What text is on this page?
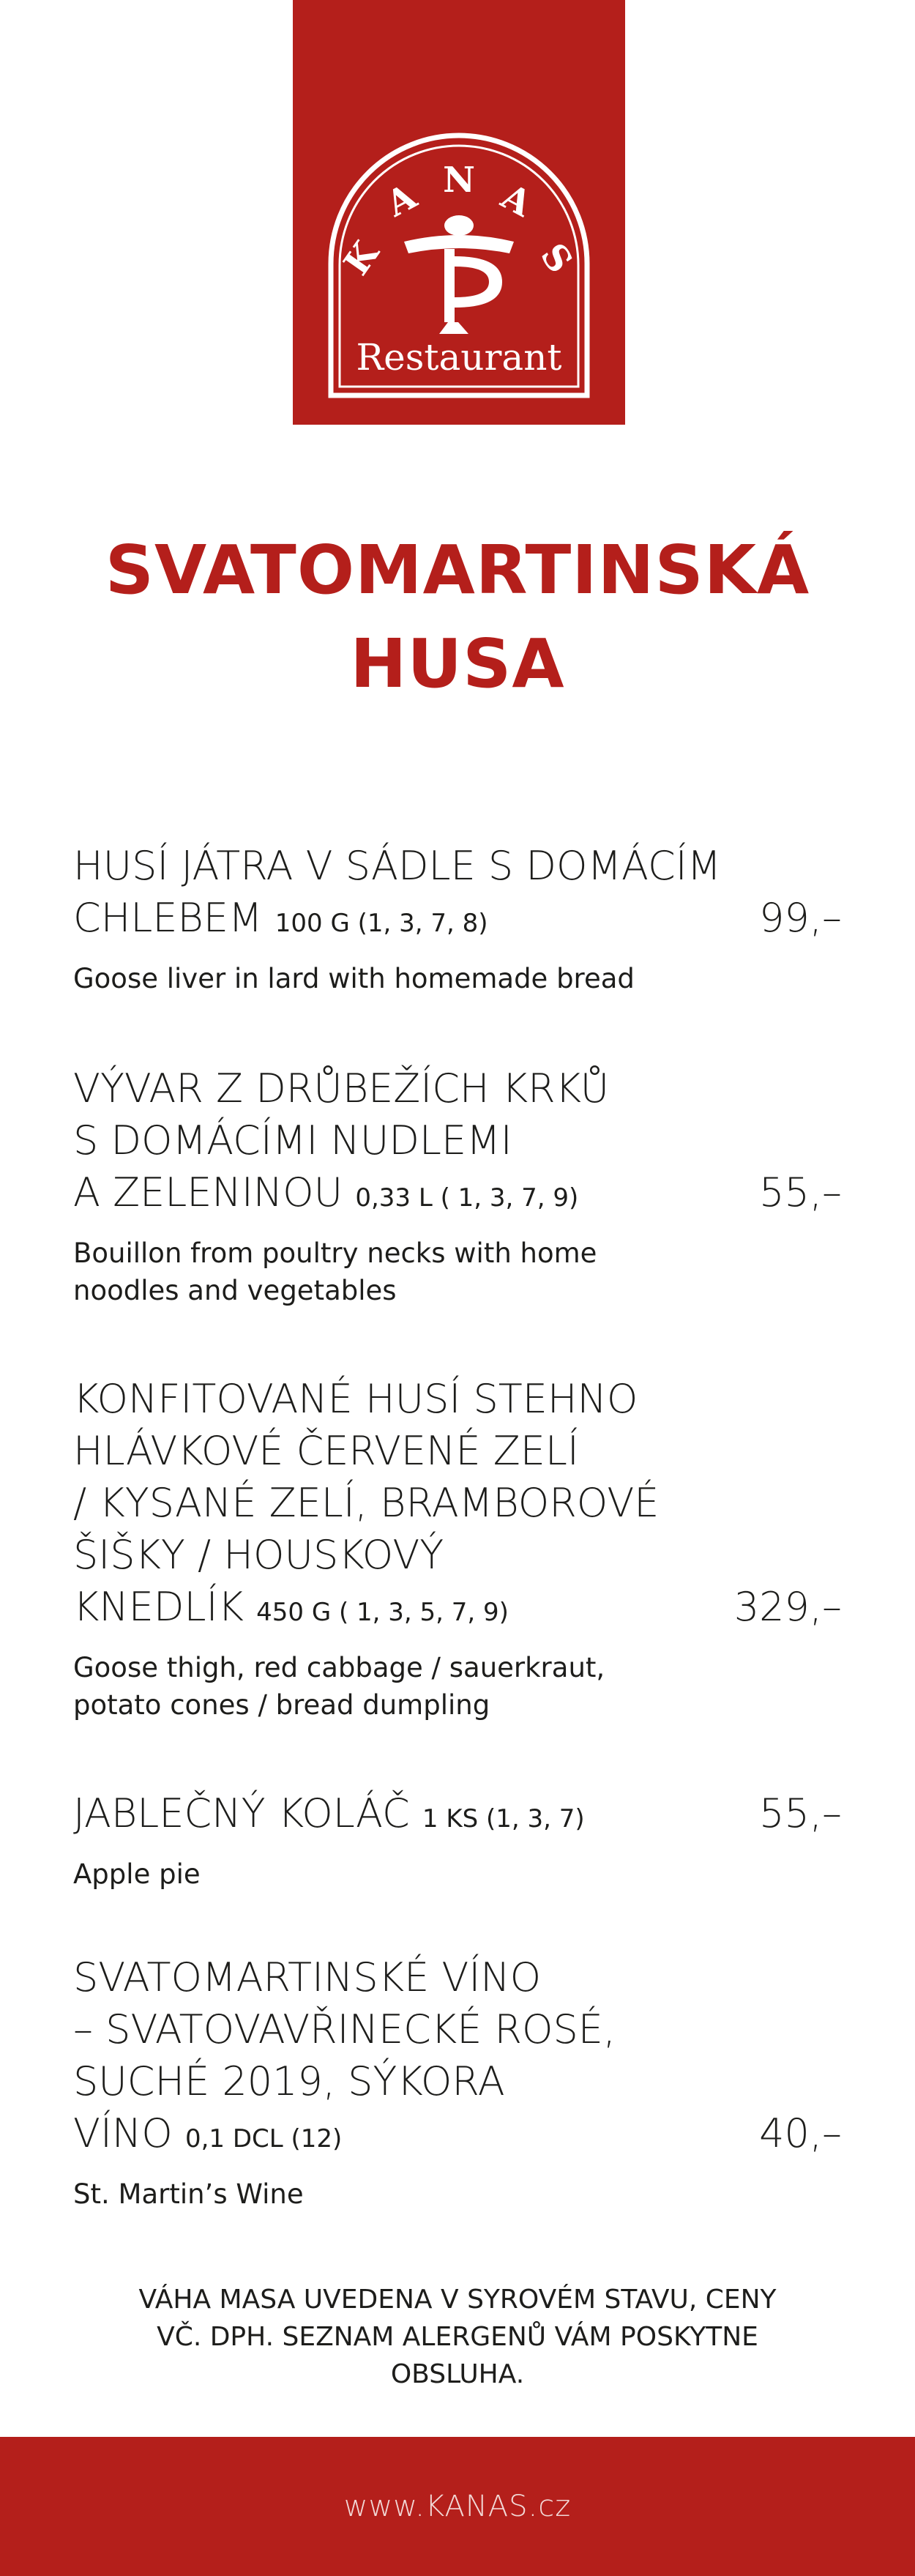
K
A N A
S
Restaurant
SVATOMARTINSKÁ
HUSA

HUSÍ JÁTRA V SÁDLE S DOMÁCÍM
CHLEBEM 100 G (1, 3, 7, 8)	99,–

Goose liver in lard with homemade bread

VÝVAR Z DRŮBEŽÍCH KRKŮ
S DOMÁCÍMI NUDLEMI
A ZELENINOU 0,33 L ( 1, 3, 7, 9)	55,–

Bouillon from poultry necks with home
noodles and vegetables

KONFITOVANÉ HUSÍ STEHNO
HLÁVKOVÉ ČERVENÉ ZELÍ
/ KYSANÉ ZELÍ, BRAMBOROVÉ
ŠIŠKY / HOUSKOVÝ
KNEDLÍK 450 G ( 1, 3, 5, 7, 9)	329,–

Goose thigh, red cabbage / sauerkraut,
potato cones / bread dumpling

JABLEČNÝ KOLÁČ 1 KS (1, 3, 7)	55,–

Apple pie

SVATOMARTINSKÉ VÍNO
– SVATOVAVŘINECKÉ ROSÉ,
SUCHÉ 2019, SÝKORA
VÍNO 0,1 DCL (12)	40,–

St. Martin’s Wine
VÁHA MASA UVEDENA V SYROVÉM STAVU, CENY
VČ. DPH. SEZNAM ALERGENŮ VÁM POSKYTNE
OBSLUHA.
www.KANAS.cz
